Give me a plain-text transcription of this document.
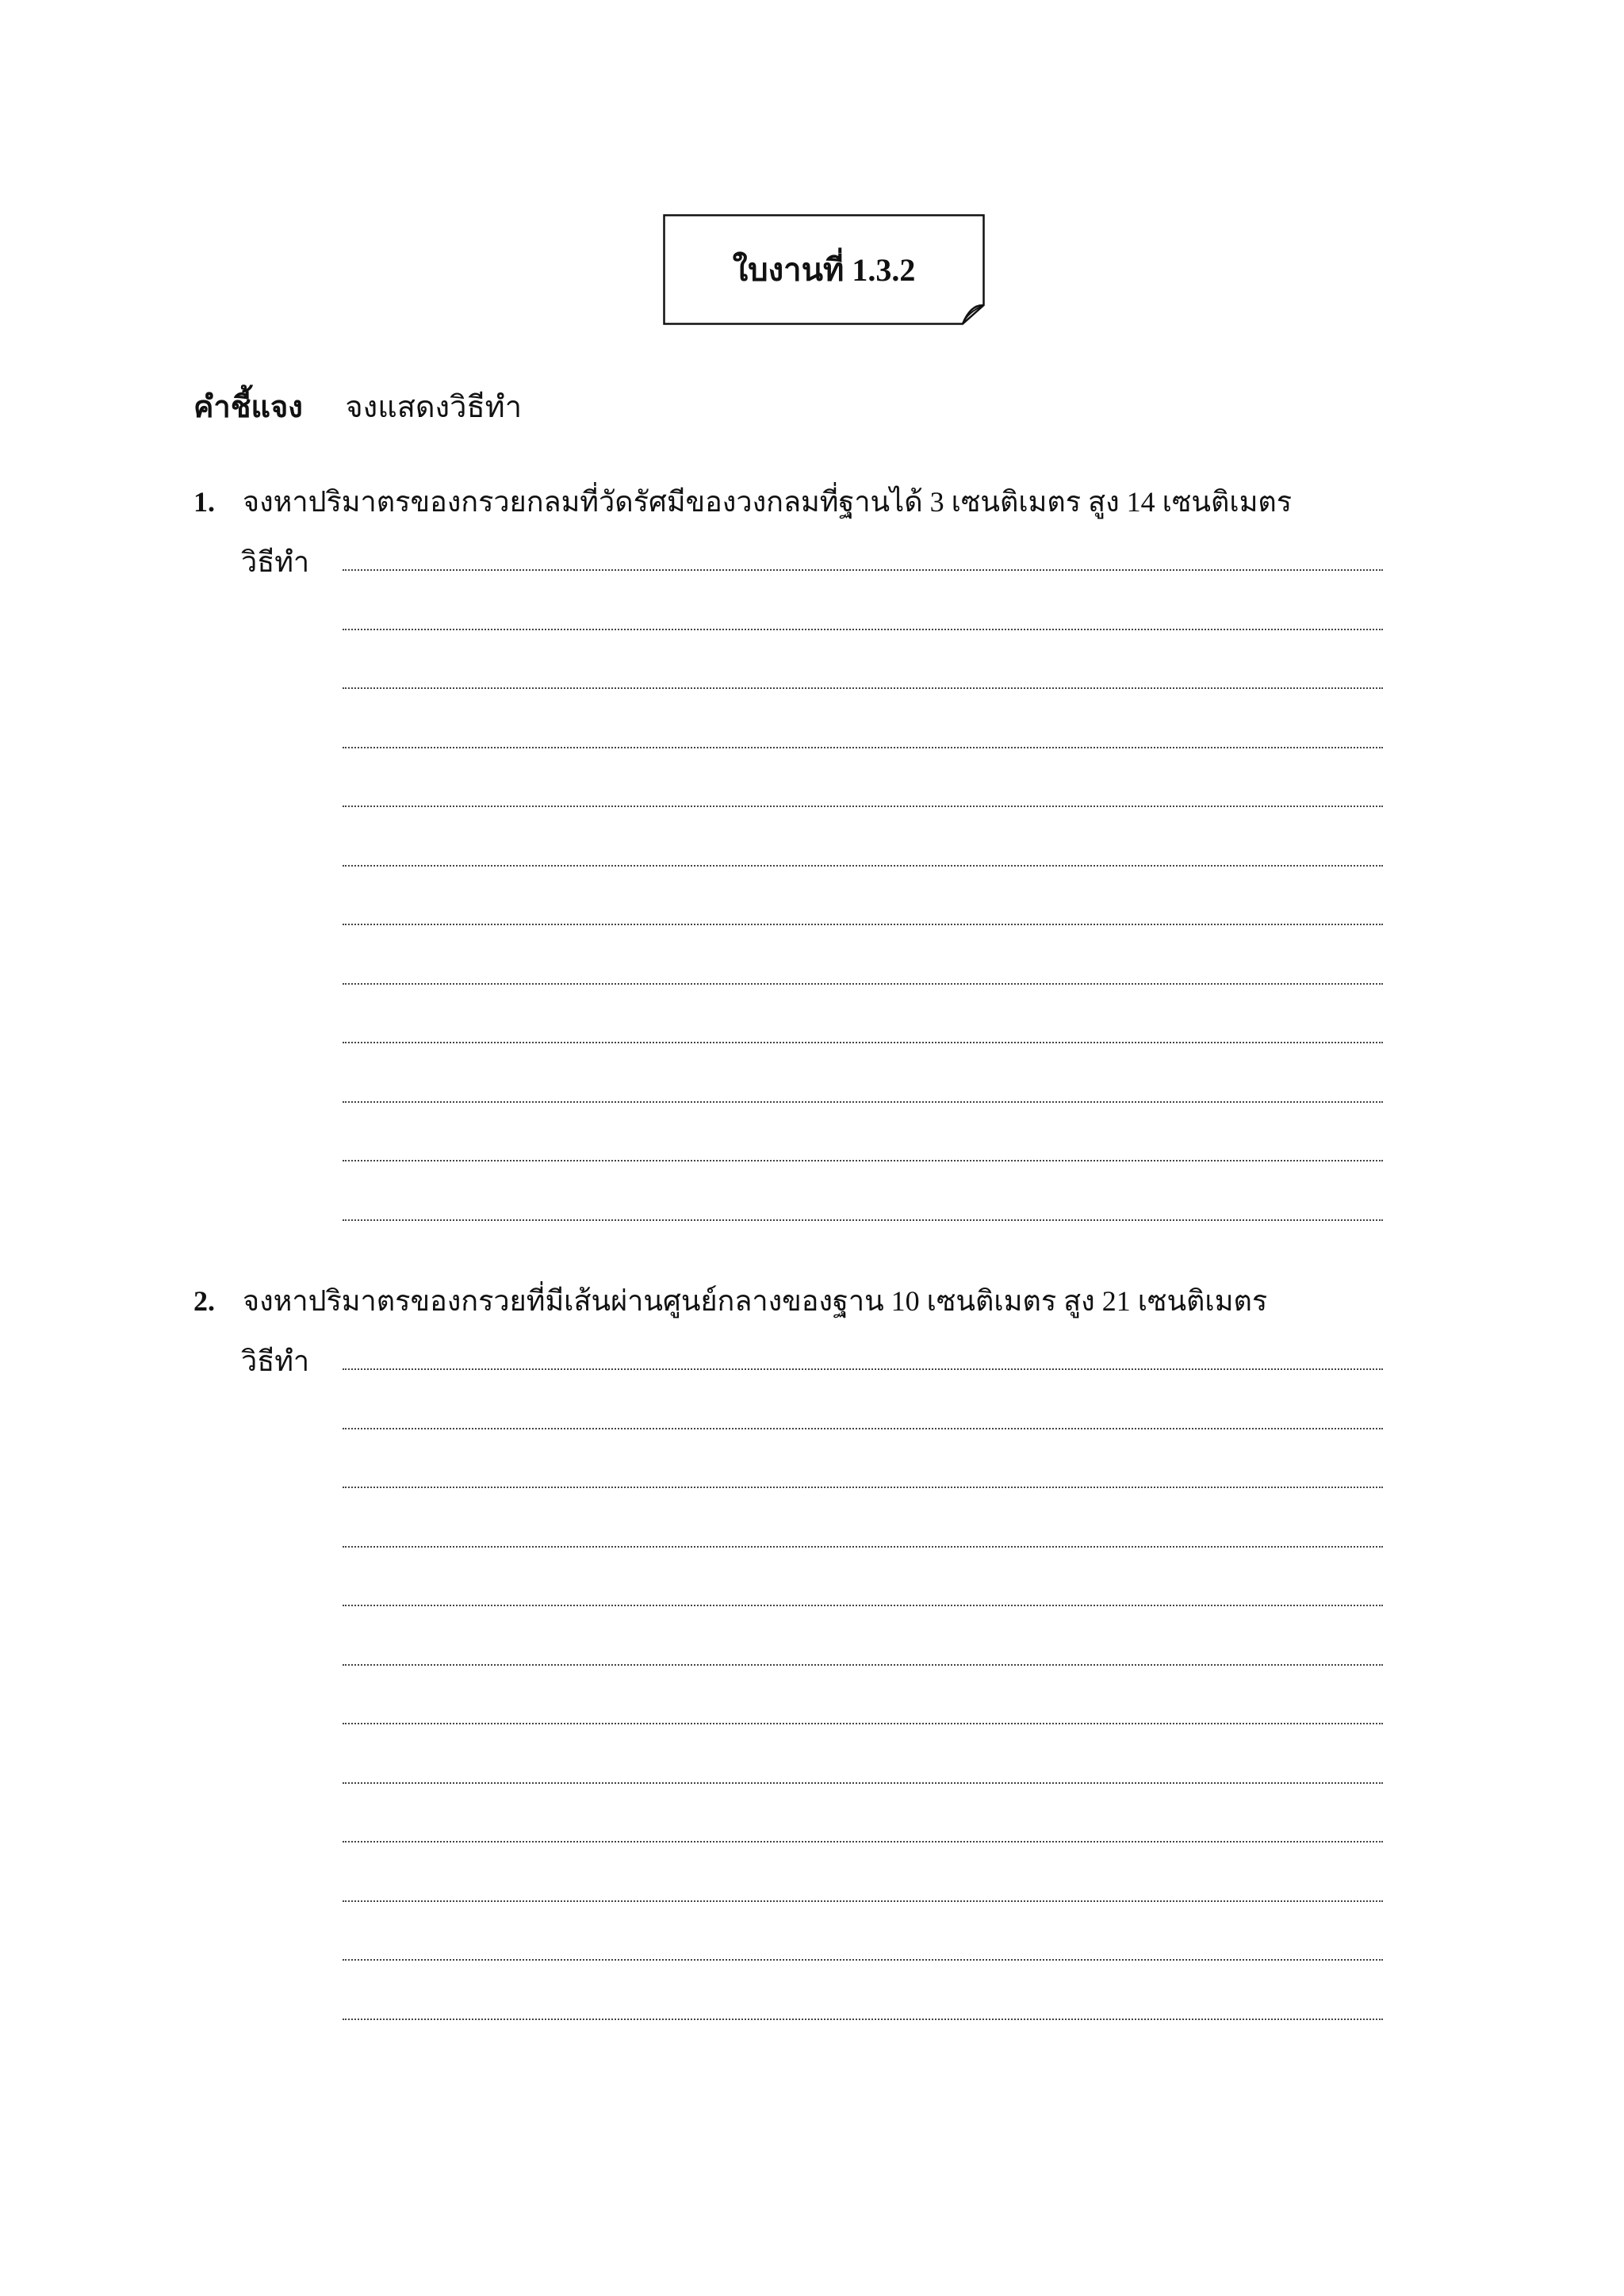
ใบงานที่ 1.3.2
คำชี้แจง จงแสดงวิธีทำ
1. จงหาปริมาตรของกรวยกลมที่วัดรัศมีของวงกลมที่ฐานได้ 3 เซนติเมตร สูง 14 เซนติเมตร
วิธีทำ
2. จงหาปริมาตรของกรวยที่มีเส้นผ่านศูนย์กลางของฐาน 10 เซนติเมตร สูง 21 เซนติเมตร
วิธีทำ
